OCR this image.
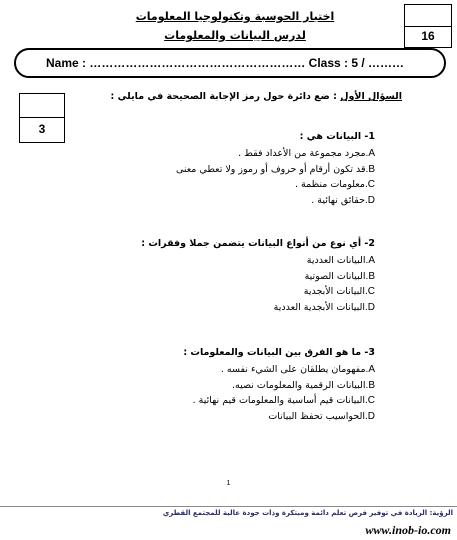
اختبار الحوسبة وتكنولوجيا المعلومات
لدرس البيانات والمعلومات	16
Name : ……………………………………………… Class : 5 / ………
3
السؤال الأول : ضع دائرة حول رمز الإجابة الصحيحة في مايلي :
1- البيانات هي :
A.مجرد مجموعة من الأعداد فقط .
B.قد تكون أرقام أو حروف أو رموز ولا تعطي معنى
C.معلومات منظمة .
D.حقائق نهائية .
2- أي نوع من أنواع البيانات يتضمن جملا وفقرات :
A.البيانات العددية
B.البيانات الصوتية
C.البيانات الأبجدية
D.البيانات الأبجدية العددية
3- ما هو الفرق بين البيانات والمعلومات :
A.مفهومان يطلقان على الشيء نفسه .
B.البيانات الرقمية والمعلومات نصيه.
C.البيانات قيم أساسية والمعلومات قيم نهائية .
D.الحواسيب تحفظ البيانات
1
الرؤية: الريادة في توفير فرص تعلم دائمة ومبتكرة وذات جودة عالية للمجتمع القطري
www.inob-io.com
